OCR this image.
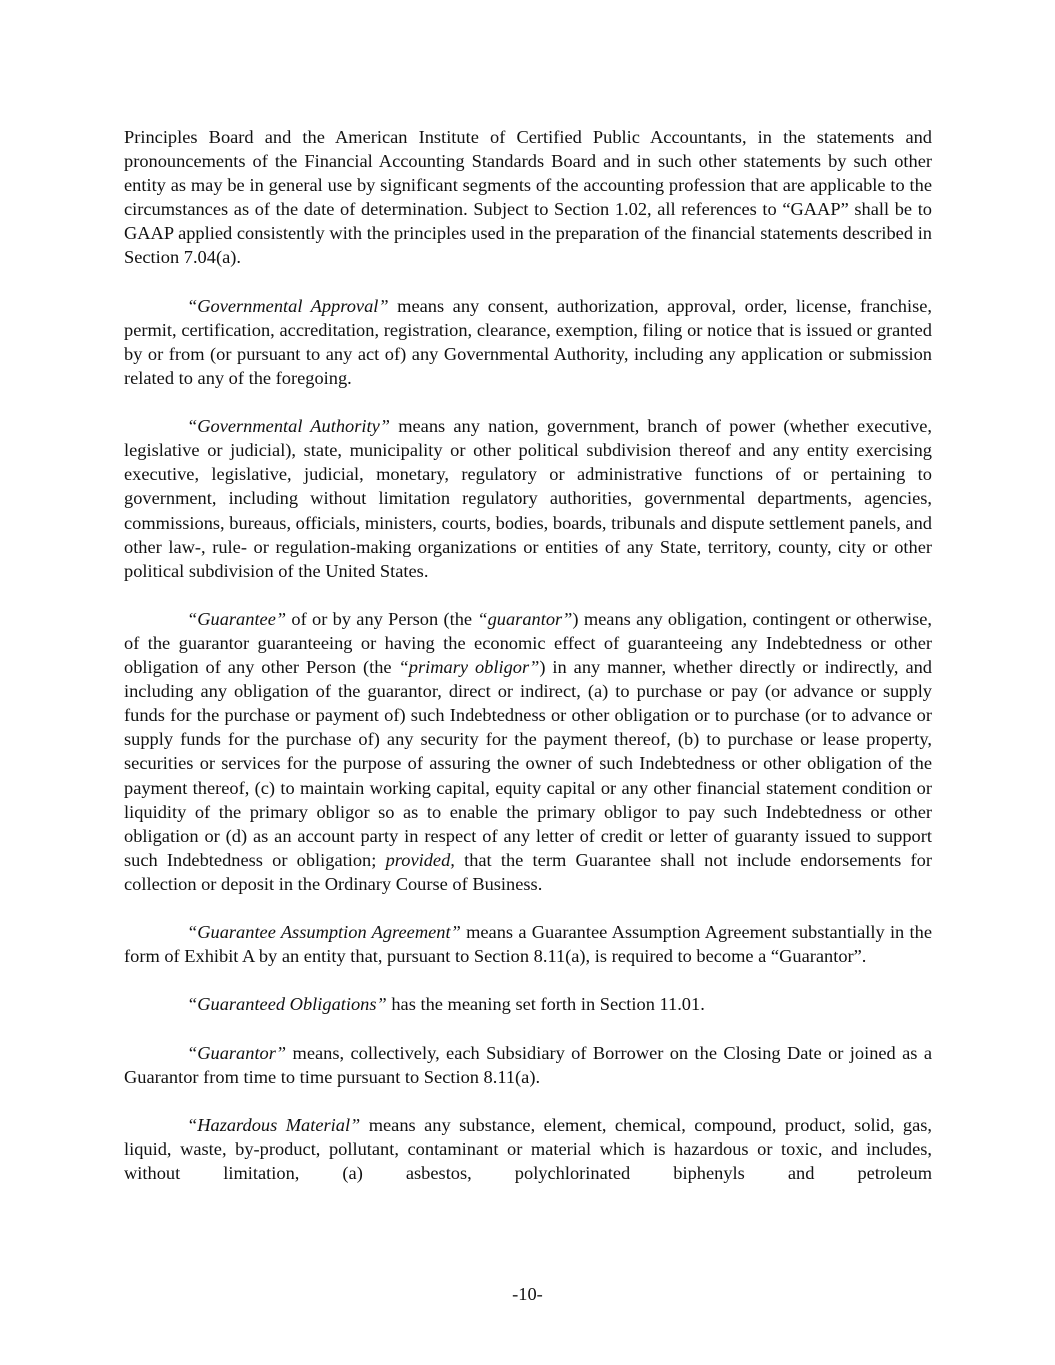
Principles Board and the American Institute of Certified Public Accountants, in the statements and pronouncements of the Financial Accounting Standards Board and in such other statements by such other entity as may be in general use by significant segments of the accounting profession that are applicable to the circumstances as of the date of determination. Subject to Section 1.02, all references to “GAAP” shall be to GAAP applied consistently with the principles used in the preparation of the financial statements described in Section 7.04(a).

“Governmental Approval” means any consent, authorization, approval, order, license, franchise, permit, certification, accreditation, registration, clearance, exemption, filing or notice that is issued or granted by or from (or pursuant to any act of) any Governmental Authority, including any application or submission related to any of the foregoing.

“Governmental Authority” means any nation, government, branch of power (whether executive, legislative or judicial), state, municipality or other political subdivision thereof and any entity exercising executive, legislative, judicial, monetary, regulatory or administrative functions of or pertaining to government, including without limitation regulatory authorities, governmental departments, agencies, commissions, bureaus, officials, ministers, courts, bodies, boards, tribunals and dispute settlement panels, and other law-, rule- or regulation-making organizations or entities of any State, territory, county, city or other political subdivision of the United States.

“Guarantee” of or by any Person (the “guarantor”) means any obligation, contingent or otherwise, of the guarantor guaranteeing or having the economic effect of guaranteeing any Indebtedness or other obligation of any other Person (the “primary obligor”) in any manner, whether directly or indirectly, and including any obligation of the guarantor, direct or indirect, (a) to purchase or pay (or advance or supply funds for the purchase or payment of) such Indebtedness or other obligation or to purchase (or to advance or supply funds for the purchase of) any security for the payment thereof, (b) to purchase or lease property, securities or services for the purpose of assuring the owner of such Indebtedness or other obligation of the payment thereof, (c) to maintain working capital, equity capital or any other financial statement condition or liquidity of the primary obligor so as to enable the primary obligor to pay such Indebtedness or other obligation or (d) as an account party in respect of any letter of credit or letter of guaranty issued to support such Indebtedness or obligation; provided, that the term Guarantee shall not include endorsements for collection or deposit in the Ordinary Course of Business.

“Guarantee Assumption Agreement” means a Guarantee Assumption Agreement substantially in the form of Exhibit A by an entity that, pursuant to Section 8.11(a), is required to become a “Guarantor”.

“Guaranteed Obligations” has the meaning set forth in Section 11.01.

“Guarantor” means, collectively, each Subsidiary of Borrower on the Closing Date or joined as a Guarantor from time to time pursuant to Section 8.11(a).

“Hazardous Material” means any substance, element, chemical, compound, product, solid, gas, liquid, waste, by-product, pollutant, contaminant or material which is hazardous or toxic, and includes, without limitation, (a) asbestos, polychlorinated biphenyls and petroleum

-10-
